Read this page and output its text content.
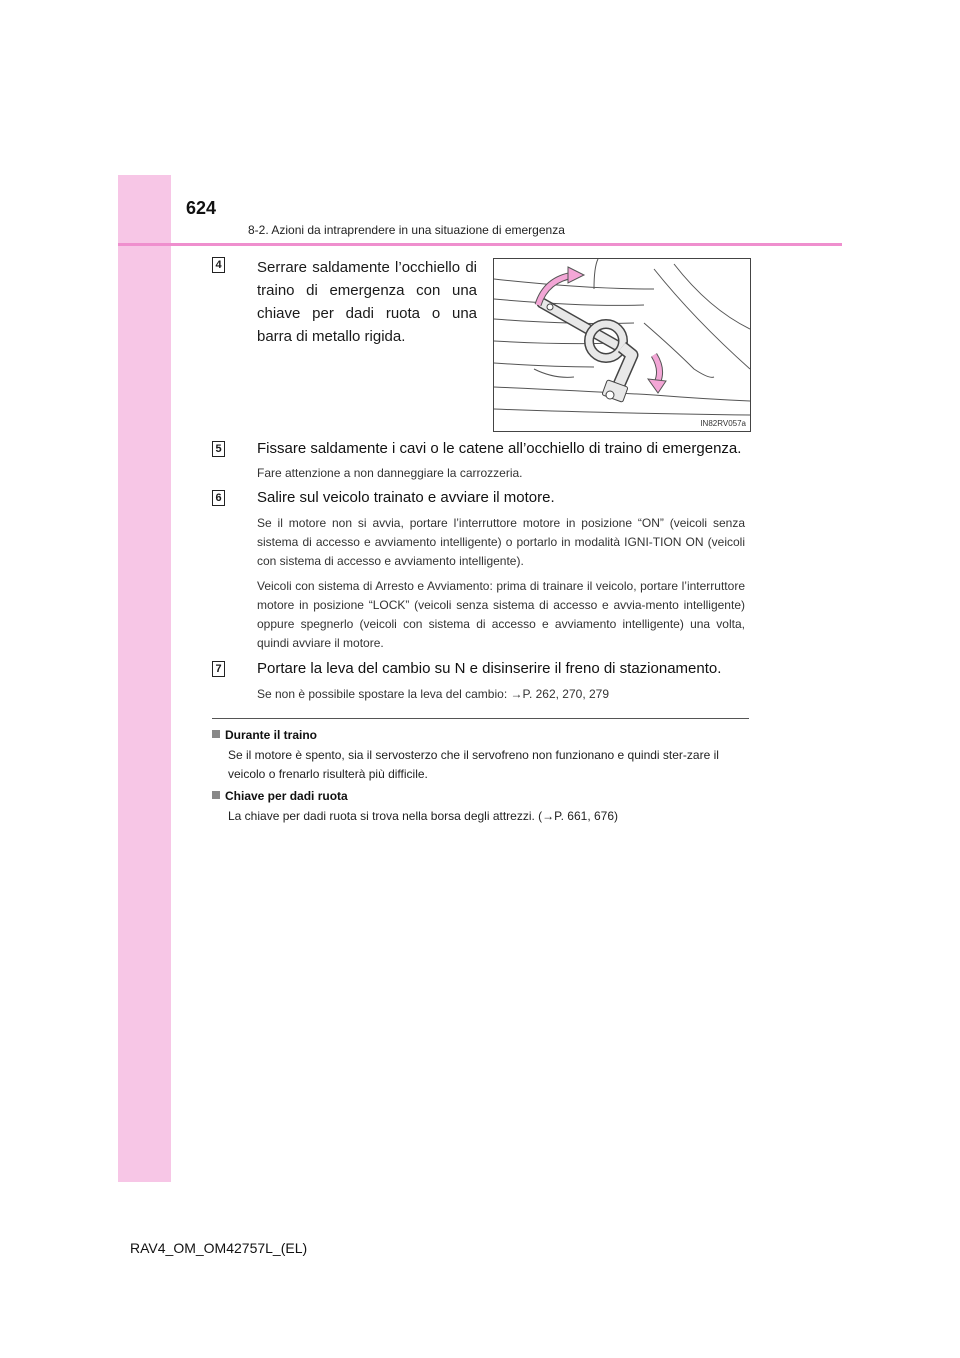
624
8-2. Azioni da intraprendere in una situazione di emergenza
4 Serrare saldamente l’occhiello di traino di emergenza con una chiave per dadi ruota o una barra di metallo rigida.

IN82RV057a
5 Fissare saldamente i cavi o le catene all’occhiello di traino di emergenza.

Fare attenzione a non danneggiare la carrozzeria.

6 Salire sul veicolo trainato e avviare il motore.

Se il motore non si avvia, portare l’interruttore motore in posizione “ON” (veicoli senza sistema di accesso e avviamento intelligente) o portarlo in modalità IGNI-TION ON (veicoli con sistema di accesso e avviamento intelligente).

Veicoli con sistema di Arresto e Avviamento: prima di trainare il veicolo, portare l’interruttore motore in posizione “LOCK” (veicoli senza sistema di accesso e avvia-mento intelligente) oppure spegnerlo (veicoli con sistema di accesso e avviamento intelligente) una volta, quindi avviare il motore.

7 Portare la leva del cambio su N e disinserire il freno di stazionamento.

Se non è possibile spostare la leva del cambio: →P. 262, 270, 279

Durante il traino

Se il motore è spento, sia il servosterzo che il servofreno non funzionano e quindi ster-zare il veicolo o frenarlo risulterà più difficile.

Chiave per dadi ruota

La chiave per dadi ruota si trova nella borsa degli attrezzi. (→P. 661, 676)

RAV4_OM_OM42757L_(EL)
